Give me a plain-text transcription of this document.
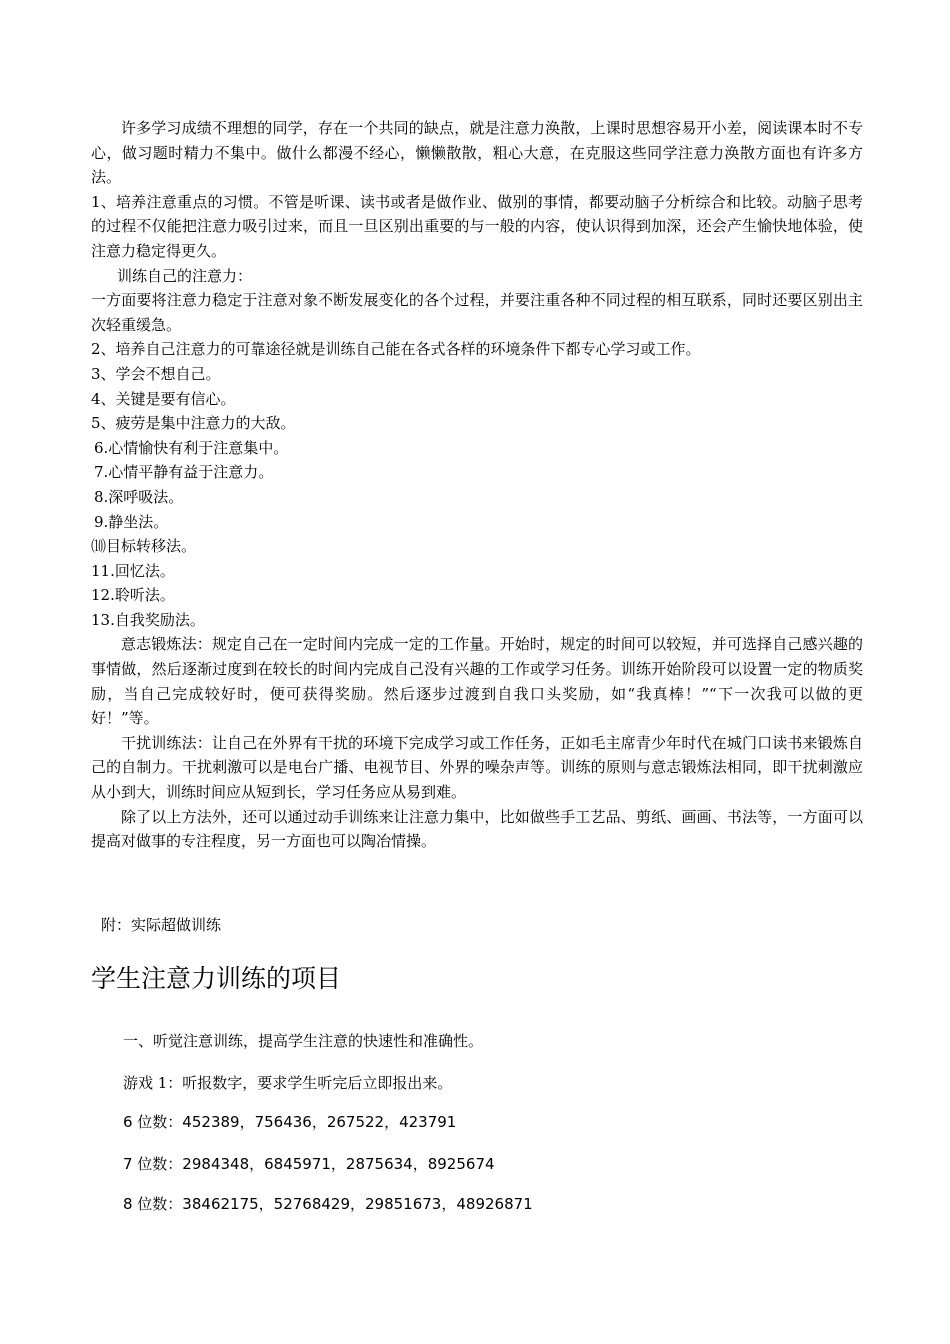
许多学习成绩不理想的同学，存在一个共同的缺点，就是注意力涣散，上课时思想容易开小差，阅读课本时不专心，做习题时精力不集中。做什么都漫不经心，懒懒散散，粗心大意，在克服这些同学注意力涣散方面也有许多方法。

1、培养注意重点的习惯。不管是听课、读书或者是做作业、做别的事情，都要动脑子分析综合和比较。动脑子思考的过程不仅能把注意力吸引过来，而且一旦区别出重要的与一般的内容，使认识得到加深，还会产生愉快地体验，使注意力稳定得更久。

训练自己的注意力：

一方面要将注意力稳定于注意对象不断发展变化的各个过程，并要注重各种不同过程的相互联系，同时还要区别出主次轻重缓急。

2、培养自己注意力的可靠途径就是训练自己能在各式各样的环境条件下都专心学习或工作。

3、学会不想自己。

4、关键是要有信心。

5、疲劳是集中注意力的大敌。

6.心情愉快有利于注意集中。

7.心情平静有益于注意力。

8.深呼吸法。

9.静坐法。

⑽目标转移法。

11.回忆法。

12.聆听法。

13.自我奖励法。

意志锻炼法：规定自己在一定时间内完成一定的工作量。开始时，规定的时间可以较短，并可选择自己感兴趣的事情做，然后逐渐过度到在较长的时间内完成自己没有兴趣的工作或学习任务。训练开始阶段可以设置一定的物质奖励，当自己完成较好时，便可获得奖励。然后逐步过渡到自我口头奖励，如“我真棒！”“下一次我可以做的更好！”等。

干扰训练法：让自己在外界有干扰的环境下完成学习或工作任务，正如毛主席青少年时代在城门口读书来锻炼自己的自制力。干扰刺激可以是电台广播、电视节目、外界的噪杂声等。训练的原则与意志锻炼法相同，即干扰刺激应从小到大，训练时间应从短到长，学习任务应从易到难。

除了以上方法外，还可以通过动手训练来让注意力集中，比如做些手工艺品、剪纸、画画、书法等，一方面可以提高对做事的专注程度，另一方面也可以陶冶情操。

附：实际超做训练
学生注意力训练的项目
一、听觉注意训练，提高学生注意的快速性和准确性。
游戏 1：听报数字，要求学生听完后立即报出来。
6 位数：452389，756436，267522，423791
7 位数：2984348，6845971，2875634，8925674
8 位数：38462175，52768429，29851673，48926871
